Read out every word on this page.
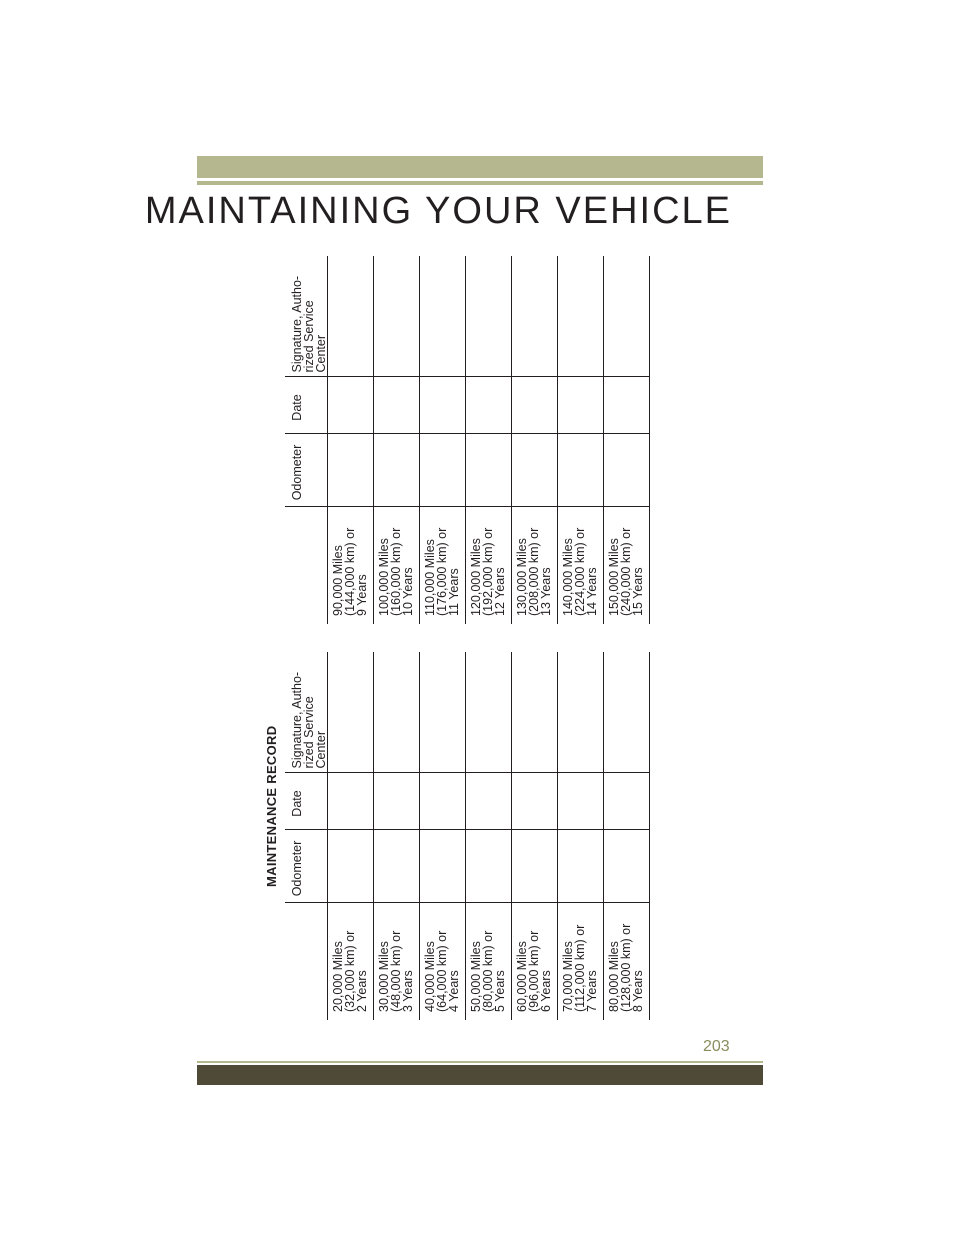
MAINTAINING YOUR VEHICLE
MAINTENANCE RECORD
	Odometer	Date	Signature, Autho-rized Service Center

20,000 Miles
(32,000 km) or
2 Years			

30,000 Miles
(48,000 km) or
3 Years			

40,000 Miles
(64,000 km) or
4 Years			

50,000 Miles
(80,000 km) or
5 Years			

60,000 Miles
(96,000 km) or
6 Years			

70,000 Miles
(112,000 km) or
7 Years			

80,000 Miles
(128,000 km) or
8 Years			

	Odometer	Date	Signature, Autho-rized Service Center

90,000 Miles
(144,000 km) or
9 Years			

100,000 Miles
(160,000 km) or
10 Years			

110,000 Miles
(176,000 km) or
11 Years			

120,000 Miles
(192,000 km) or
12 Years			

130,000 Miles
(208,000 km) or
13 Years			

140,000 Miles
(224,000 km) or
14 Years			

150,000 Miles
(240,000 km) or
15 Years			

203
